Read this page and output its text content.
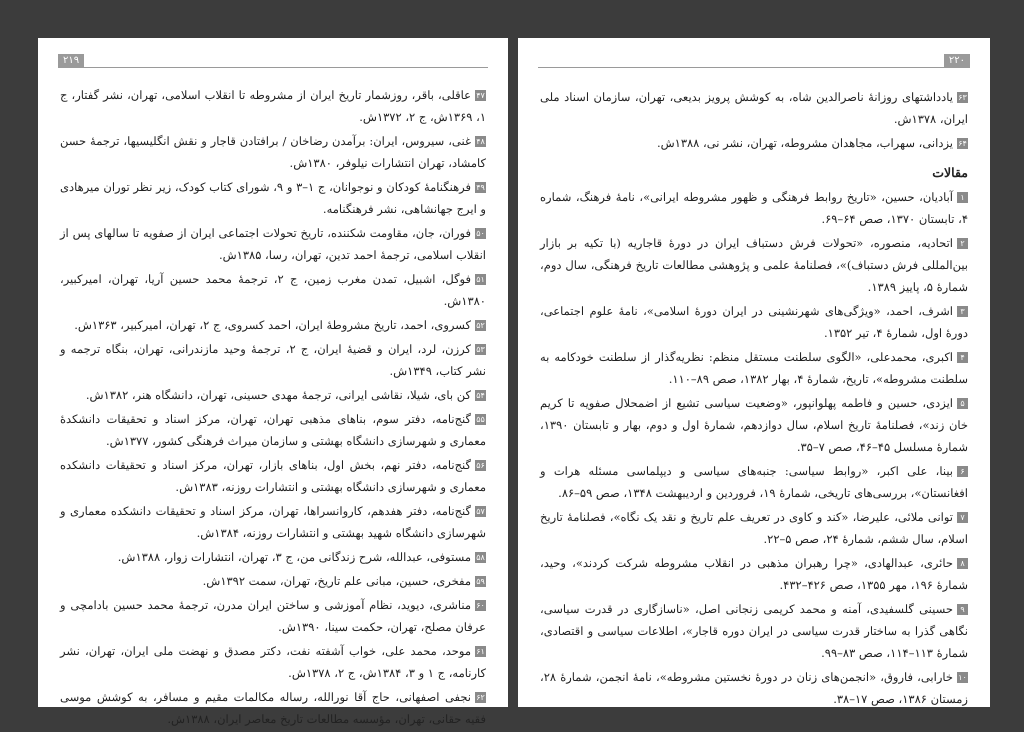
۲۱۹

۴۷عاقلی، باقر، روزشمار تاریخ ایران از مشروطه تا انقلاب اسلامی، تهران، نشر گفتار، ج ۱، ۱۳۶۹ش، ج ۲، ۱۳۷۲ش.

۴۸غنی، سیروس، ایران: برآمدن رضاخان / برافتادن قاجار و نقش انگلیسیها، ترجمهٔ حسن کامشاد، تهران انتشارات نیلوفر، ۱۳۸۰ش.

۴۹فرهنگنامهٔ کودکان و نوجوانان، ج ۱–۳ و ۹، شورای کتاب کودک، زیر نظر توران میرهادی و ایرج جهانشاهی، نشر فرهنگنامه.

۵۰فوران، جان، مقاومت شکننده، تاریخ تحولات اجتماعی ایران از صفویه تا سالهای پس از انقلاب اسلامی، ترجمهٔ احمد تدین، تهران، رسا، ۱۳۸۵ش.

۵۱فوگل، اشبیل، تمدن مغرب زمین، ج ۲، ترجمهٔ محمد حسین آریا، تهران، امیرکبیر، ۱۳۸۰ش.

۵۲کسروی، احمد، تاریخ مشروطهٔ ایران، احمد کسروی، ج ۲، تهران، امیرکبیر، ۱۳۶۳ش.

۵۳کرزن، لرد، ایران و قضیهٔ ایران، ج ۲، ترجمهٔ وحید مازندرانی، تهران، بنگاه ترجمه و نشر کتاب، ۱۳۴۹ش.

۵۴کن بای، شیلا، نقاشی ایرانی، ترجمهٔ مهدی حسینی، تهران، دانشگاه هنر، ۱۳۸۲ش.

۵۵گنج‌نامه، دفتر سوم، بناهای مذهبی تهران، تهران، مرکز اسناد و تحقیقات دانشکدهٔ معماری و شهرسازی دانشگاه بهشتی و سازمان میراث فرهنگی کشور، ۱۳۷۷ش.

۵۶گنج‌نامه، دفتر نهم، بخش اول، بناهای بازار، تهران، مرکز اسناد و تحقیقات دانشکده معماری و شهرسازی دانشگاه بهشتی و انتشارات روزنه، ۱۳۸۳ش.

۵۷گنج‌نامه، دفتر هفدهم، کاروانسراها، تهران، مرکز اسناد و تحقیقات دانشکده معماری و شهرسازی دانشگاه شهید بهشتی و انتشارات روزنه، ۱۳۸۴ش.

۵۸مستوفی، عبدالله، شرح زندگانی من، ج ۳، تهران، انتشارات زوار، ۱۳۸۸ش.

۵۹مفخری، حسین، مبانی علم تاریخ، تهران، سمت ۱۳۹۲ش.

۶۰مناشری، دیوید، نظام آموزشی و ساختن ایران مدرن، ترجمهٔ محمد حسین بادامچی و عرفان مصلح، تهران، حکمت سینا، ۱۳۹۰ش.

۶۱موحد، محمد علی، خواب آشفته نفت، دکتر مصدق و نهضت ملی ایران، تهران، نشر کارنامه، ج ۱ و ۳، ۱۳۸۴ش، ج ۲، ۱۳۷۸ش.

۶۲نجفی اصفهانی، حاج آقا نورالله، رساله مکالمات مقیم و مسافر، به کوشش موسی فقیه حقانی، تهران، مؤسسه مطالعات تاریخ معاصر ایران، ۱۳۸۸ش.

۲۲۰

۶۳یادداشتهای روزانهٔ ناصرالدین شاه، به کوشش پرویز بدیعی، تهران، سازمان اسناد ملی ایران، ۱۳۷۸ش.

۶۴یزدانی، سهراب، مجاهدان مشروطه، تهران، نشر نی، ۱۳۸۸ش.

مقالات

۱آبادیان، حسین، «تاریخ روابط فرهنگی و ظهور مشروطه ایرانی»، نامهٔ فرهنگ، شماره ۴، تابستان ۱۳۷۰، صص ۶۴–۶۹.

۲اتحادیه، منصوره، «تحولات فرش دستباف ایران در دورهٔ قاجاریه (با تکیه بر بازار بین‌المللی فرش دستباف)»، فصلنامهٔ علمی و پژوهشی مطالعات تاریخ فرهنگی، سال دوم، شمارهٔ ۵، پاییز ۱۳۸۹.

۳اشرف، احمد، «ویژگی‌های شهرنشینی در ایران دورهٔ اسلامی»، نامهٔ علوم اجتماعی، دورهٔ اول، شمارهٔ ۴، تیر ۱۳۵۲.

۴اکبری، محمدعلی، «الگوی سلطنت مستقل منظم: نظریه‌گذار از سلطنت خودکامه به سلطنت مشروطه»، تاریخ، شمارهٔ ۴، بهار ۱۳۸۲، صص ۸۹–۱۱۰.

۵ایزدی، حسین و فاطمه پهلوانپور، «وضعیت سیاسی تشیع از اضمحلال صفویه تا کریم خان زند»، فصلنامهٔ تاریخ اسلام، سال دوازدهم، شمارهٔ اول و دوم، بهار و تابستان ۱۳۹۰، شمارهٔ مسلسل ۴۵–۴۶، صص ۷–۳۵.

۶بینا، علی اکبر، «روابط سیاسی: جنبه‌های سیاسی و دیپلماسی مسئله هرات و افغانستان»، بررسی‌های تاریخی، شمارهٔ ۱۹، فروردین و اردیبهشت ۱۳۴۸، صص ۵۹–۸۶.

۷توانی ملائی، علیرضا، «کند و کاوی در تعریف علم تاریخ و نقد یک نگاه»، فصلنامهٔ تاریخ اسلام، سال ششم، شمارهٔ ۲۴، صص ۵–۲۲.

۸حائری، عبدالهادی، «چرا رهبران مذهبی در انقلاب مشروطه شرکت کردند»، وحید، شمارهٔ ۱۹۶، مهر ۱۳۵۵، صص ۴۲۶–۴۳۲.

۹حسینی گلسفیدی، آمنه و محمد کریمی زنجانی اصل، «ناسازگاری در قدرت سیاسی، نگاهی گذرا به ساختار قدرت سیاسی در ایران دوره قاجار»، اطلاعات سیاسی و اقتصادی، شمارهٔ ۱۱۳–۱۱۴، صص ۸۳–۹۹.

۱۰خارابی، فاروق، «انجمن‌های زنان در دورهٔ نخستین مشروطه»، نامهٔ انجمن، شمارهٔ ۲۸، زمستان ۱۳۸۶، صص ۱۷–۳۸.
